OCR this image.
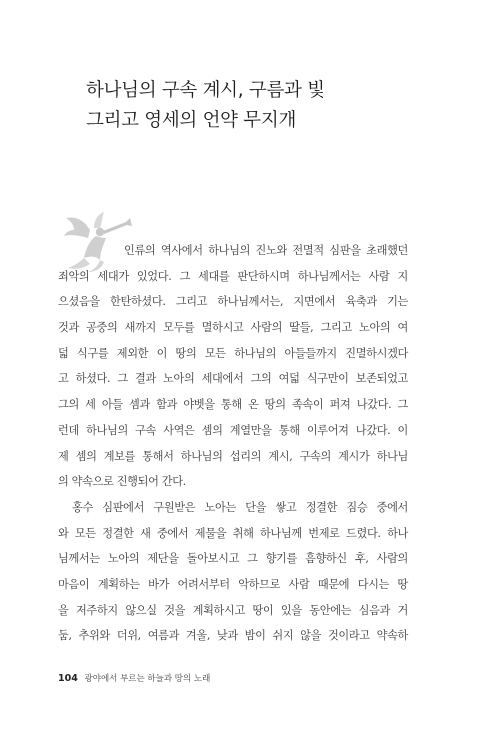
하나님의 구속 계시, 구름과 빛
그리고 영세의 언약 무지개
인류의 역사에서 하나님의 진노와 전멸적 심판을 초래했던
죄악의 세대가 있었다. 그 세대를 판단하시며 하나님께서는 사람 지
으셨음을 한탄하셨다. 그리고 하나님께서는, 지면에서 육축과 기는
것과 공중의 새까지 모두를 멸하시고 사람의 딸들, 그리고 노아의 여
덟 식구를 제외한 이 땅의 모든 하나님의 아들들까지 진멸하시겠다
고 하셨다. 그 결과 노아의 세대에서 그의 여덟 식구만이 보존되었고
그의 세 아들 셈과 함과 야벳을 통해 온 땅의 족속이 퍼져 나갔다. 그
런데 하나님의 구속 사역은 셈의 계열만을 통해 이루어져 나갔다. 이
제 셈의 계보를 통해서 하나님의 섭리의 계시, 구속의 계시가 하나님
의 약속으로 진행되어 간다.
홍수 심판에서 구원받은 노아는 단을 쌓고 정결한 짐승 중에서
와 모든 정결한 새 중에서 제물을 취해 하나님께 번제로 드렸다. 하나
님께서는 노아의 제단을 돌아보시고 그 향기를 흠향하신 후, 사람의
마음이 계획하는 바가 어려서부터 악하므로 사람 때문에 다시는 땅
을 저주하지 않으실 것을 계획하시고 땅이 있을 동안에는 심음과 거
둠, 추위와 더위, 여름과 겨울, 낮과 밤이 쉬지 않을 것이라고 약속하
104 광야에서 부르는 하늘과 땅의 노래
